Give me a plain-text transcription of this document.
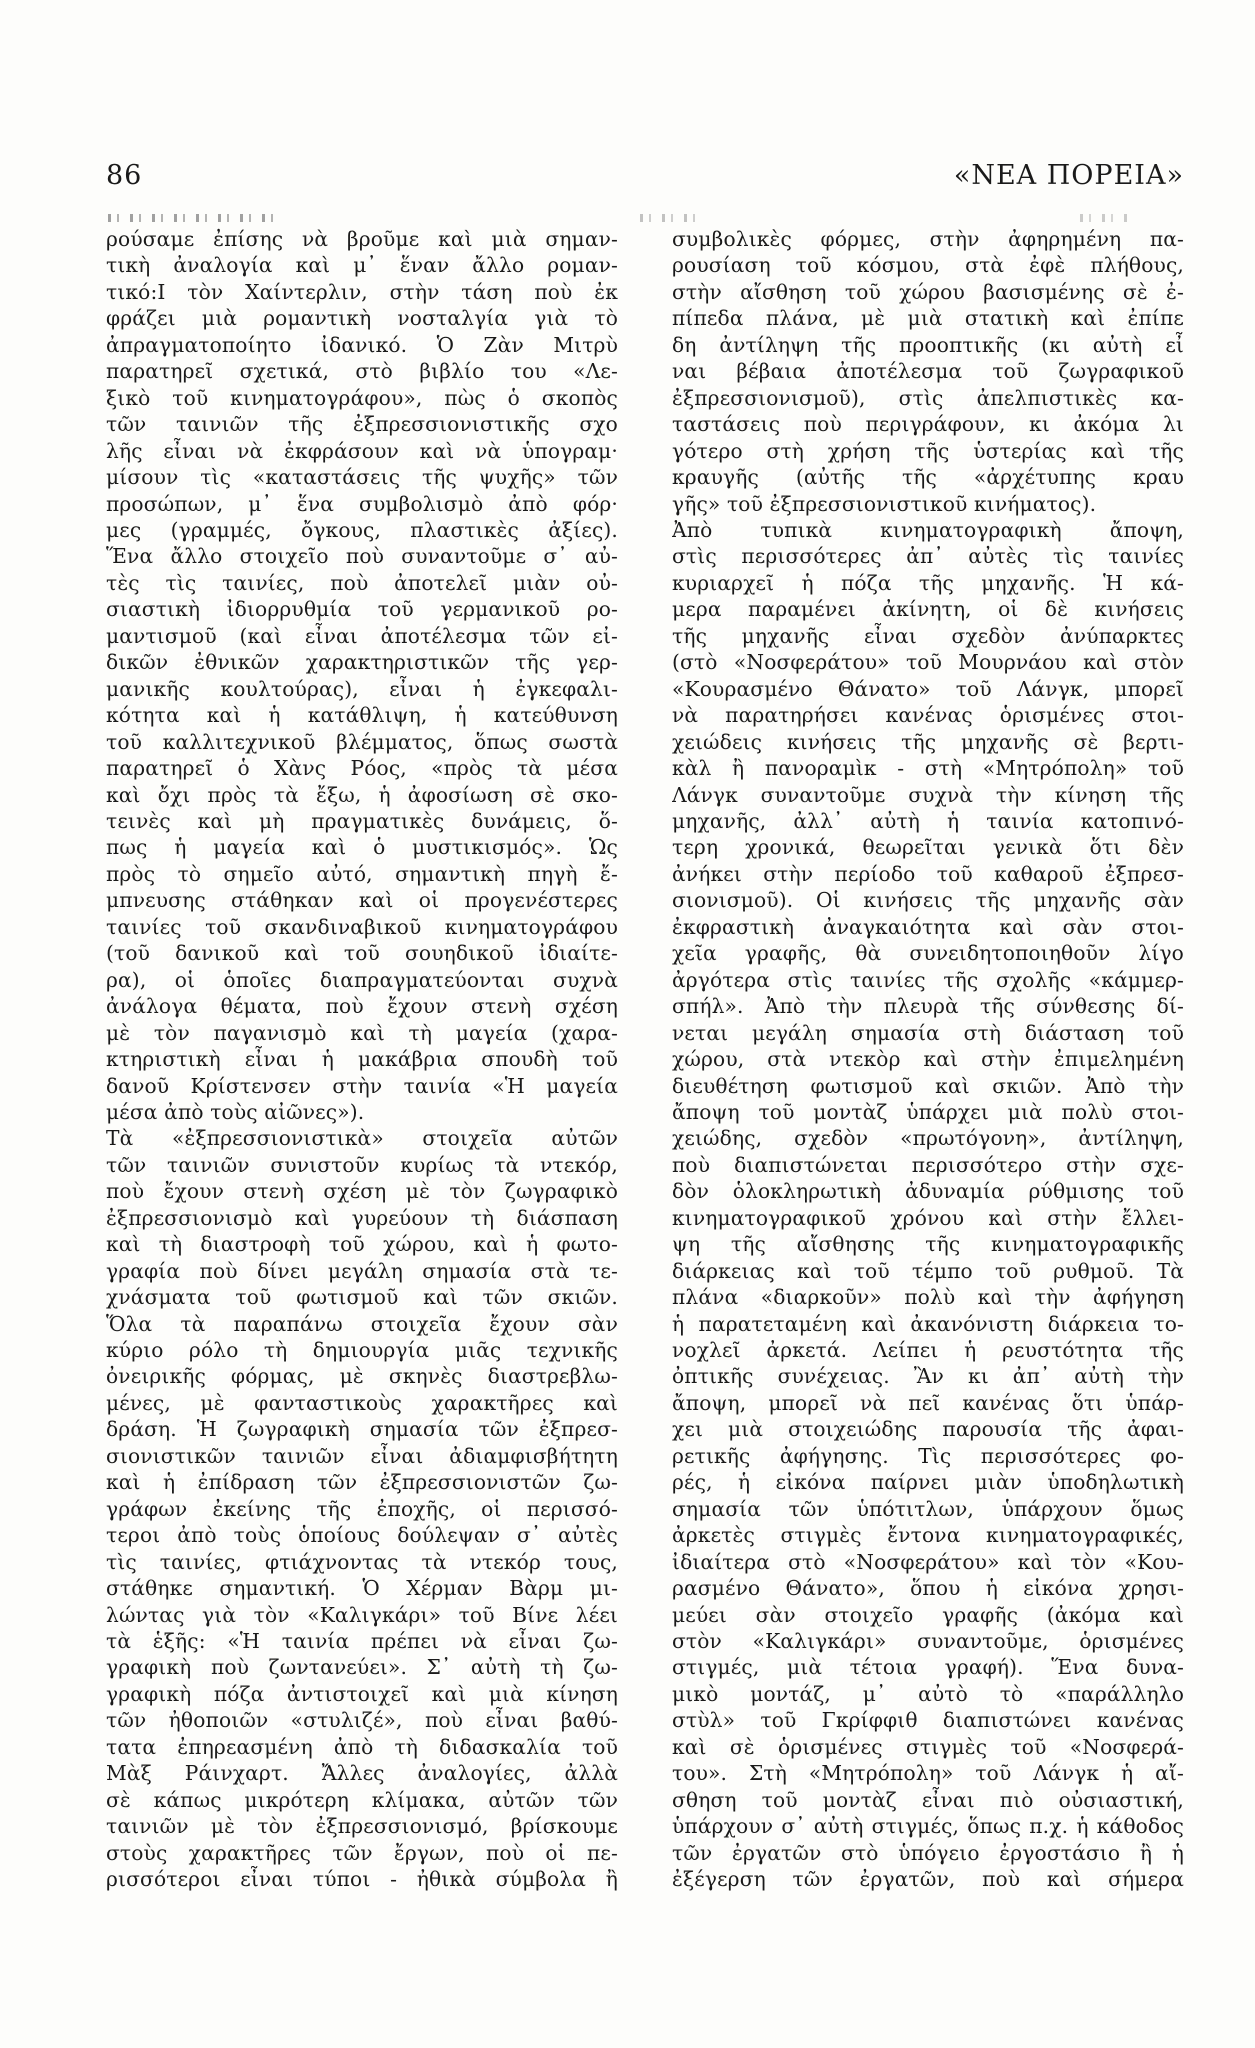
86	«ΝΕΑ ΠΟΡΕΙΑ»
ρούσαμε ἐπίσης νὰ βροῦμε καὶ μιὰ σημαν-
τικὴ ἀναλογία καὶ μ᾽ ἕναν ἄλλο ρομαν-
τικό:I τὸν Χαίντερλιν, στὴν τάση ποὺ ἐκ
φράζει μιὰ ρομαντικὴ νοσταλγία γιὰ τὸ
ἀπραγματοποίητο ἰδανικό. Ὁ Ζὰν Μιτρὺ
παρατηρεῖ σχετικά, στὸ βιβλίο του «Λε-
ξικὸ τοῦ κινηματογράφου», πὼς ὁ σκοπὸς
τῶν ταινιῶν τῆς ἐξπρεσσιονιστικῆς σχο
λῆς εἶναι νὰ ἐκφράσουν καὶ νὰ ὑπογραμ·
μίσουν τὶς «καταστάσεις τῆς ψυχῆς» τῶν
προσώπων, μ᾽ ἕνα συμβολισμὸ ἀπὸ φόρ·
μες (γραμμές, ὄγκους, πλαστικὲς ἀξίες).
Ἕνα ἄλλο στοιχεῖο ποὺ συναντοῦμε σ᾽ αὐ-
τὲς τὶς ταινίες, ποὺ ἀποτελεῖ μιὰν οὐ-
σιαστικὴ ἰδιορρυθμία τοῦ γερμανικοῦ ρο-
μαντισμοῦ (καὶ εἶναι ἀποτέλεσμα τῶν εἰ-
δικῶν ἐθνικῶν χαρακτηριστικῶν τῆς γερ-
μανικῆς κουλτούρας), εἶναι ἡ ἐγκεφαλι-
κότητα καὶ ἡ κατάθλιψη, ἡ κατεύθυνση
τοῦ καλλιτεχνικοῦ βλέμματος, ὅπως σωστὰ
παρατηρεῖ ὁ Χὰνς Ρόος, «πρὸς τὰ μέσα
καὶ ὄχι πρὸς τὰ ἔξω, ἡ ἀφοσίωση σὲ σκο-
τεινὲς καὶ μὴ πραγματικὲς δυνάμεις, ὅ-
πως ἡ μαγεία καὶ ὁ μυστικισμός». Ὡς
πρὸς τὸ σημεῖο αὐτό, σημαντικὴ πηγὴ ἔ-
μπνευσης στάθηκαν καὶ οἱ προγενέστερες
ταινίες τοῦ σκανδιναβικοῦ κινηματογράφου
(τοῦ δανικοῦ καὶ τοῦ σουηδικοῦ ἰδιαίτε-
ρα), οἱ ὁποῖες διαπραγματεύονται συχνὰ
ἀνάλογα θέματα, ποὺ ἔχουν στενὴ σχέση
μὲ τὸν παγανισμὸ καὶ τὴ μαγεία (χαρα-
κτηριστικὴ εἶναι ἡ μακάβρια σπουδὴ τοῦ
δανοῦ Κρίστενσεν στὴν ταινία «Ἡ μαγεία
μέσα ἀπὸ τοὺς αἰῶνες»).
Τὰ «ἐξπρεσσιονιστικὰ» στοιχεῖα αὐτῶν
τῶν ταινιῶν συνιστοῦν κυρίως τὰ ντεκόρ,
ποὺ ἔχουν στενὴ σχέση μὲ τὸν ζωγραφικὸ
ἐξπρεσσιονισμὸ καὶ γυρεύουν τὴ διάσπαση
καὶ τὴ διαστροφὴ τοῦ χώρου, καὶ ἡ φωτο-
γραφία ποὺ δίνει μεγάλη σημασία στὰ τε-
χνάσματα τοῦ φωτισμοῦ καὶ τῶν σκιῶν.
Ὅλα τὰ παραπάνω στοιχεῖα ἔχουν σὰν
κύριο ρόλο τὴ δημιουργία μιᾶς τεχνικῆς
ὀνειρικῆς φόρμας, μὲ σκηνὲς διαστρεβλω-
μένες, μὲ φανταστικοὺς χαρακτῆρες καὶ
δράση. Ἡ ζωγραφικὴ σημασία τῶν ἐξπρεσ-
σιονιστικῶν ταινιῶν εἶναι ἀδιαμφισβήτητη
καὶ ἡ ἐπίδραση τῶν ἐξπρεσσιονιστῶν ζω-
γράφων ἐκείνης τῆς ἐποχῆς, οἱ περισσό-
τεροι ἀπὸ τοὺς ὁποίους δούλεψαν σ᾽ αὐτὲς
τὶς ταινίες, φτιάχνοντας τὰ ντεκόρ τους,
στάθηκε σημαντική. Ὁ Χέρμαν Βὰρμ μι-
λώντας γιὰ τὸν «Καλιγκάρι» τοῦ Βίνε λέει
τὰ ἑξῆς: «Ἡ ταινία πρέπει νὰ εἶναι ζω-
γραφικὴ ποὺ ζωντανεύει». Σ᾽ αὐτὴ τὴ ζω-
γραφικὴ πόζα ἀντιστοιχεῖ καὶ μιὰ κίνηση
τῶν ἠθοποιῶν «στυλιζέ», ποὺ εἶναι βαθύ-
τατα ἐπηρεασμένη ἀπὸ τὴ διδασκαλία τοῦ
Μὰξ Ράινχαρτ. Ἄλλες ἀναλογίες, ἀλλὰ
σὲ κάπως μικρότερη κλίμακα, αὐτῶν τῶν
ταινιῶν μὲ τὸν ἐξπρεσσιονισμό, βρίσκουμε
στοὺς χαρακτῆρες τῶν ἔργων, ποὺ οἱ πε-
ρισσότεροι εἶναι τύποι - ἠθικὰ σύμβολα ἢ
συμβολικὲς φόρμες, στὴν ἀφηρημένη πα-
ρουσίαση τοῦ κόσμου, στὰ ἐφὲ πλήθους,
στὴν αἴσθηση τοῦ χώρου βασισμένης σὲ ἐ-
πίπεδα πλάνα, μὲ μιὰ στατικὴ καὶ ἐπίπε
δη ἀντίληψη τῆς προοπτικῆς (κι αὐτὴ εἶ
ναι βέβαια ἀποτέλεσμα τοῦ ζωγραφικοῦ
ἐξπρεσσιονισμοῦ), στὶς ἀπελπιστικὲς κα-
ταστάσεις ποὺ περιγράφουν, κι ἀκόμα λι
γότερο στὴ χρήση τῆς ὑστερίας καὶ τῆς
κραυγῆς (αὐτῆς τῆς «ἀρχέτυπης κραυ
γῆς» τοῦ ἐξπρεσσιονιστικοῦ κινήματος).
Ἀπὸ τυπικὰ κινηματογραφικὴ ἄποψη,
στὶς περισσότερες ἀπ᾽ αὐτὲς τὶς ταινίες
κυριαρχεῖ ἡ πόζα τῆς μηχανῆς. Ἡ κά-
μερα παραμένει ἀκίνητη, οἱ δὲ κινήσεις
τῆς μηχανῆς εἶναι σχεδὸν ἀνύπαρκτες
(στὸ «Νοσφεράτου» τοῦ Μουρνάου καὶ στὸν
«Κουρασμένο Θάνατο» τοῦ Λάνγκ, μπορεῖ
νὰ παρατηρήσει κανένας ὁρισμένες στοι-
χειώδεις κινήσεις τῆς μηχανῆς σὲ βερτι-
κὰλ ἢ πανοραμὶκ - στὴ «Μητρόπολη» τοῦ
Λάνγκ συναντοῦμε συχνὰ τὴν κίνηση τῆς
μηχανῆς, ἀλλ᾽ αὐτὴ ἡ ταινία κατοπινό-
τερη χρονικά, θεωρεῖται γενικὰ ὅτι δὲν
ἀνήκει στὴν περίοδο τοῦ καθαροῦ ἐξπρεσ-
σιονισμοῦ). Οἱ κινήσεις τῆς μηχανῆς σὰν
ἐκφραστικὴ ἀναγκαιότητα καὶ σὰν στοι-
χεῖα γραφῆς, θὰ συνειδητοποιηθοῦν λίγο
ἀργότερα στὶς ταινίες τῆς σχολῆς «κάμμερ-
σπήλ». Ἀπὸ τὴν πλευρὰ τῆς σύνθεσης δί-
νεται μεγάλη σημασία στὴ διάσταση τοῦ
χώρου, στὰ ντεκὸρ καὶ στὴν ἐπιμελημένη
διευθέτηση φωτισμοῦ καὶ σκιῶν. Ἀπὸ τὴν
ἄποψη τοῦ μοντὰζ ὑπάρχει μιὰ πολὺ στοι-
χειώδης, σχεδὸν «πρωτόγονη», ἀντίληψη,
ποὺ διαπιστώνεται περισσότερο στὴν σχε-
δὸν ὁλοκληρωτικὴ ἀδυναμία ρύθμισης τοῦ
κινηματογραφικοῦ χρόνου καὶ στὴν ἔλλει-
ψη τῆς αἴσθησης τῆς κινηματογραφικῆς
διάρκειας καὶ τοῦ τέμπο τοῦ ρυθμοῦ. Τὰ
πλάνα «διαρκοῦν» πολὺ καὶ τὴν ἀφήγηση
ἡ παρατεταμένη καὶ ἀκανόνιστη διάρκεια το-
νοχλεῖ ἀρκετά. Λείπει ἡ ρευστότητα τῆς
ὀπτικῆς συνέχειας. Ἂν κι ἀπ᾽ αὐτὴ τὴν
ἄποψη, μπορεῖ νὰ πεῖ κανένας ὅτι ὑπάρ-
χει μιὰ στοιχειώδης παρουσία τῆς ἀφαι-
ρετικῆς ἀφήγησης. Τὶς περισσότερες φο-
ρές, ἡ εἰκόνα παίρνει μιὰν ὑποδηλωτικὴ
σημασία τῶν ὑπότιτλων, ὑπάρχουν ὅμως
ἀρκετὲς στιγμὲς ἔντονα κινηματογραφικές,
ἰδιαίτερα στὸ «Νοσφεράτου» καὶ τὸν «Κου-
ρασμένο Θάνατο», ὅπου ἡ εἰκόνα χρησι-
μεύει σὰν στοιχεῖο γραφῆς (ἀκόμα καὶ
στὸν «Καλιγκάρι» συναντοῦμε, ὁρισμένες
στιγμές, μιὰ τέτοια γραφή). Ἕνα δυνα-
μικὸ μοντάζ, μ᾽ αὐτὸ τὸ «παράλληλο
στὺλ» τοῦ Γκρίφφιθ διαπιστώνει κανένας
καὶ σὲ ὁρισμένες στιγμὲς τοῦ «Νοσφερά-
του». Στὴ «Μητρόπολη» τοῦ Λάνγκ ἡ αἴ-
σθηση τοῦ μοντὰζ εἶναι πιὸ οὐσιαστική,
ὑπάρχουν σ᾽ αὐτὴ στιγμές, ὅπως π.χ. ἡ κάθοδος
τῶν ἐργατῶν στὸ ὑπόγειο ἐργοστάσιο ἢ ἡ
ἐξέγερση τῶν ἐργατῶν, ποὺ καὶ σήμερα
